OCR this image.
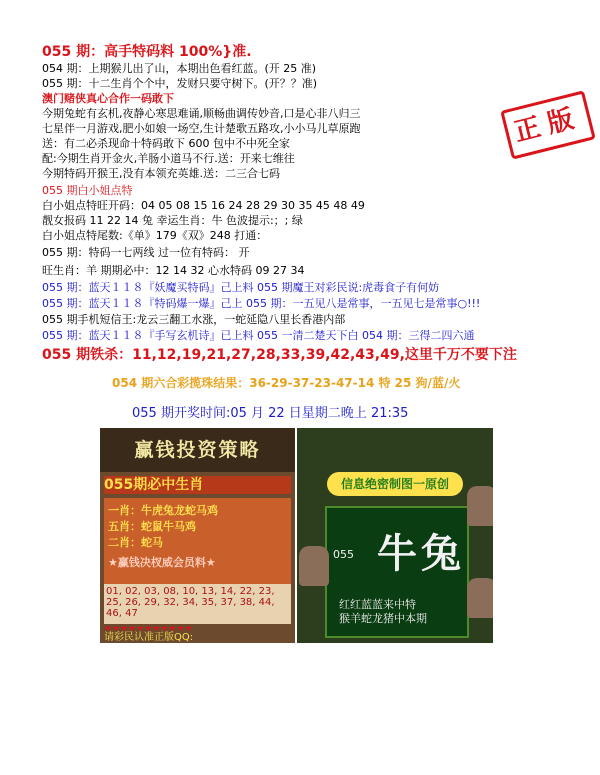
055 期：高手特码料 100%}准.
054 期：上期猴儿出了山，本期出色看红蓝。(开 25 准)
055 期：十二生肖个个中，发财只要守树下。(开？？准)
澳门赌侠真心合作一码敢下
今期兔蛇有玄机,夜静心寒思难诵,顺畅曲调传妙音,口是心非八归三
七星伴一月游戏,肥小如娘一场空,生计楚歌五路攻,小小马儿草原跑
送：有二必杀现命十特码敢下 600 包中不中死全家
配:今期生肖开金火,羊肠小道马不行.送：开来七维往
今期特码开猴王,没有本领充英雄.送：二三合七码
055 期白小姐点特
白小姐点特旺开码：04 05 08 15 16 24 28 29 30 35 45 48 49
靓女报码 11 22 14 兔 幸运生肖：牛 色波提示:；; 绿
白小姐点特尾数:《单》179《双》248 打通：
055 期：特码一七两线 过一位有特码： 开
旺生肖：羊 期期必中：12 14 32 心水特码 09 27 34
055 期：蓝天１１８『妖魔买特码』己上料 055 期魔王对彩民说:虎毒食子有何妨
055 期：蓝天１１８『特码爆一爆』己上 055 期：一五见八是常事，一五见七是常事○!!!
055 期手机短信王:龙云三翻工水涨，一蛇延隐八里长香港内部
055 期：蓝天１１８『手写玄机诗』已上料 055 一清二楚天下白 054 期：三得二四六通
055 期铁杀：11,12,19,21,27,28,33,39,42,43,49,这里千万不要下注
正版
054 期六合彩揽珠结果：36-29-37-23-47-14 特 25 狗/蓝/火
055 期开奖时间:05 月 22 日星期二晚上 21:35
赢钱投资策略
055期必中生肖
一肖：牛虎兔龙蛇马鸡
五肖：蛇鼠牛马鸡
二肖：蛇马
★赢钱决杈威会员料★
01, 02, 03, 08, 10, 13, 14, 22, 23, 25, 26, 29, 32, 34, 35, 37, 38, 44, 46, 47
★★★★★★★★★★★
请彩民认准正版QQ:
信息绝密制图一原创
055 牛兔
红红蓝蓝来中特
猴羊蛇龙猪中本期
